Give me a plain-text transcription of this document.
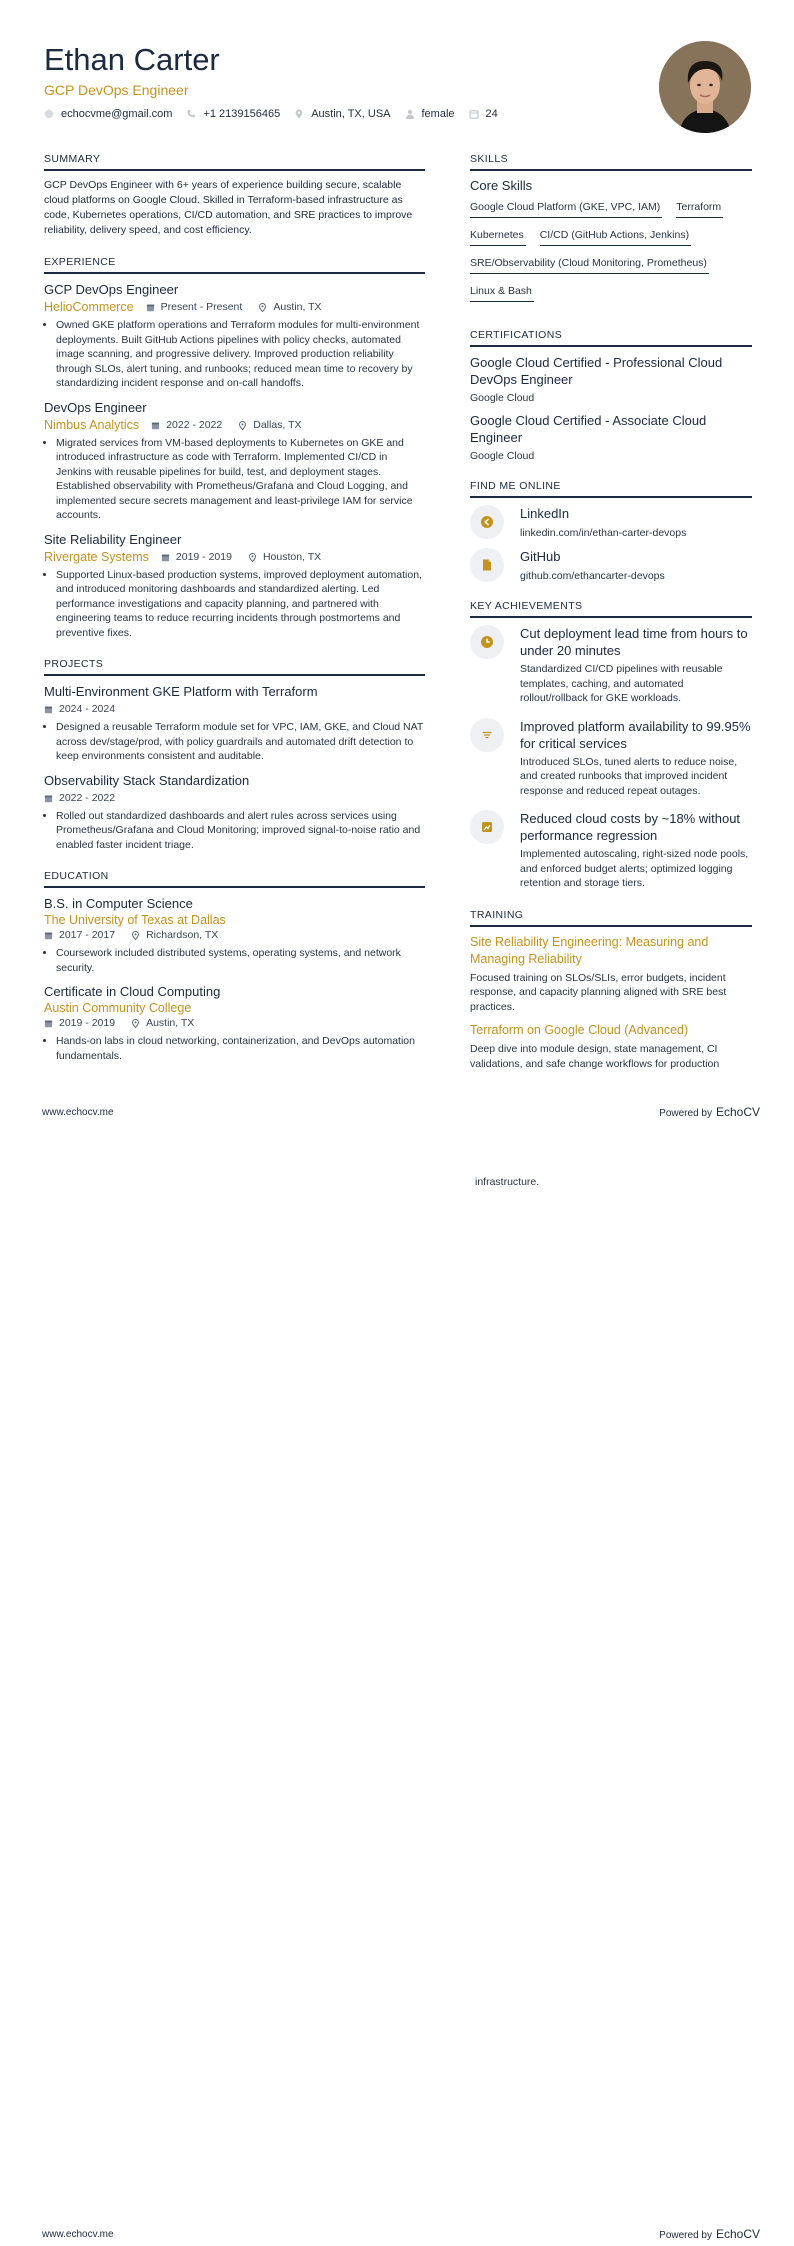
Ethan Carter
GCP DevOps Engineer
echocvme@gmail.com	+1 2139156465	Austin, TX, USA	female	24
SUMMARY
GCP DevOps Engineer with 6+ years of experience building secure, scalable cloud platforms on Google Cloud. Skilled in Terraform-based infrastructure as code, Kubernetes operations, CI/CD automation, and SRE practices to improve reliability, delivery speed, and cost efficiency.
EXPERIENCE
GCP DevOps Engineer
HelioCommerce	Present - Present	Austin, TX
• Owned GKE platform operations and Terraform modules for multi-environment deployments. Built GitHub Actions pipelines with policy checks, automated image scanning, and progressive delivery. Improved production reliability through SLOs, alert tuning, and runbooks; reduced mean time to recovery by standardizing incident response and on-call handoffs.
DevOps Engineer
Nimbus Analytics	2022 - 2022	Dallas, TX
• Migrated services from VM-based deployments to Kubernetes on GKE and introduced infrastructure as code with Terraform. Implemented CI/CD in Jenkins with reusable pipelines for build, test, and deployment stages. Established observability with Prometheus/Grafana and Cloud Logging, and implemented secure secrets management and least-privilege IAM for service accounts.
Site Reliability Engineer
Rivergate Systems	2019 - 2019	Houston, TX
• Supported Linux-based production systems, improved deployment automation, and introduced monitoring dashboards and standardized alerting. Led performance investigations and capacity planning, and partnered with engineering teams to reduce recurring incidents through postmortems and preventive fixes.
PROJECTS
Multi-Environment GKE Platform with Terraform
2024 - 2024
• Designed a reusable Terraform module set for VPC, IAM, GKE, and Cloud NAT across dev/stage/prod, with policy guardrails and automated drift detection to keep environments consistent and auditable.
Observability Stack Standardization
2022 - 2022
• Rolled out standardized dashboards and alert rules across services using Prometheus/Grafana and Cloud Monitoring; improved signal-to-noise ratio and enabled faster incident triage.
EDUCATION
B.S. in Computer Science
The University of Texas at Dallas
2017 - 2017	Richardson, TX
• Coursework included distributed systems, operating systems, and network security.
Certificate in Cloud Computing
Austin Community College
2019 - 2019	Austin, TX
• Hands-on labs in cloud networking, containerization, and DevOps automation fundamentals.
SKILLS
Core Skills
Google Cloud Platform (GKE, VPC, IAM) Terraform
Kubernetes CI/CD (GitHub Actions, Jenkins)
SRE/Observability (Cloud Monitoring, Prometheus)
Linux & Bash
CERTIFICATIONS
Google Cloud Certified - Professional Cloud DevOps Engineer
Google Cloud
Google Cloud Certified - Associate Cloud Engineer
Google Cloud
FIND ME ONLINE
LinkedIn
linkedin.com/in/ethan-carter-devops
GitHub
github.com/ethancarter-devops
KEY ACHIEVEMENTS
Cut deployment lead time from hours to under 20 minutes
Standardized CI/CD pipelines with reusable templates, caching, and automated rollout/rollback for GKE workloads.
Improved platform availability to 99.95% for critical services
Introduced SLOs, tuned alerts to reduce noise, and created runbooks that improved incident response and reduced repeat outages.
Reduced cloud costs by ~18% without performance regression
Implemented autoscaling, right-sized node pools, and enforced budget alerts; optimized logging retention and storage tiers.
TRAINING
Site Reliability Engineering: Measuring and Managing Reliability
Focused training on SLOs/SLIs, error budgets, incident response, and capacity planning aligned with SRE best practices.
Terraform on Google Cloud (Advanced)
Deep dive into module design, state management, CI validations, and safe change workflows for production
www.echocv.me	Powered by EchoCV
infrastructure.
www.echocv.me	Powered by EchoCV
